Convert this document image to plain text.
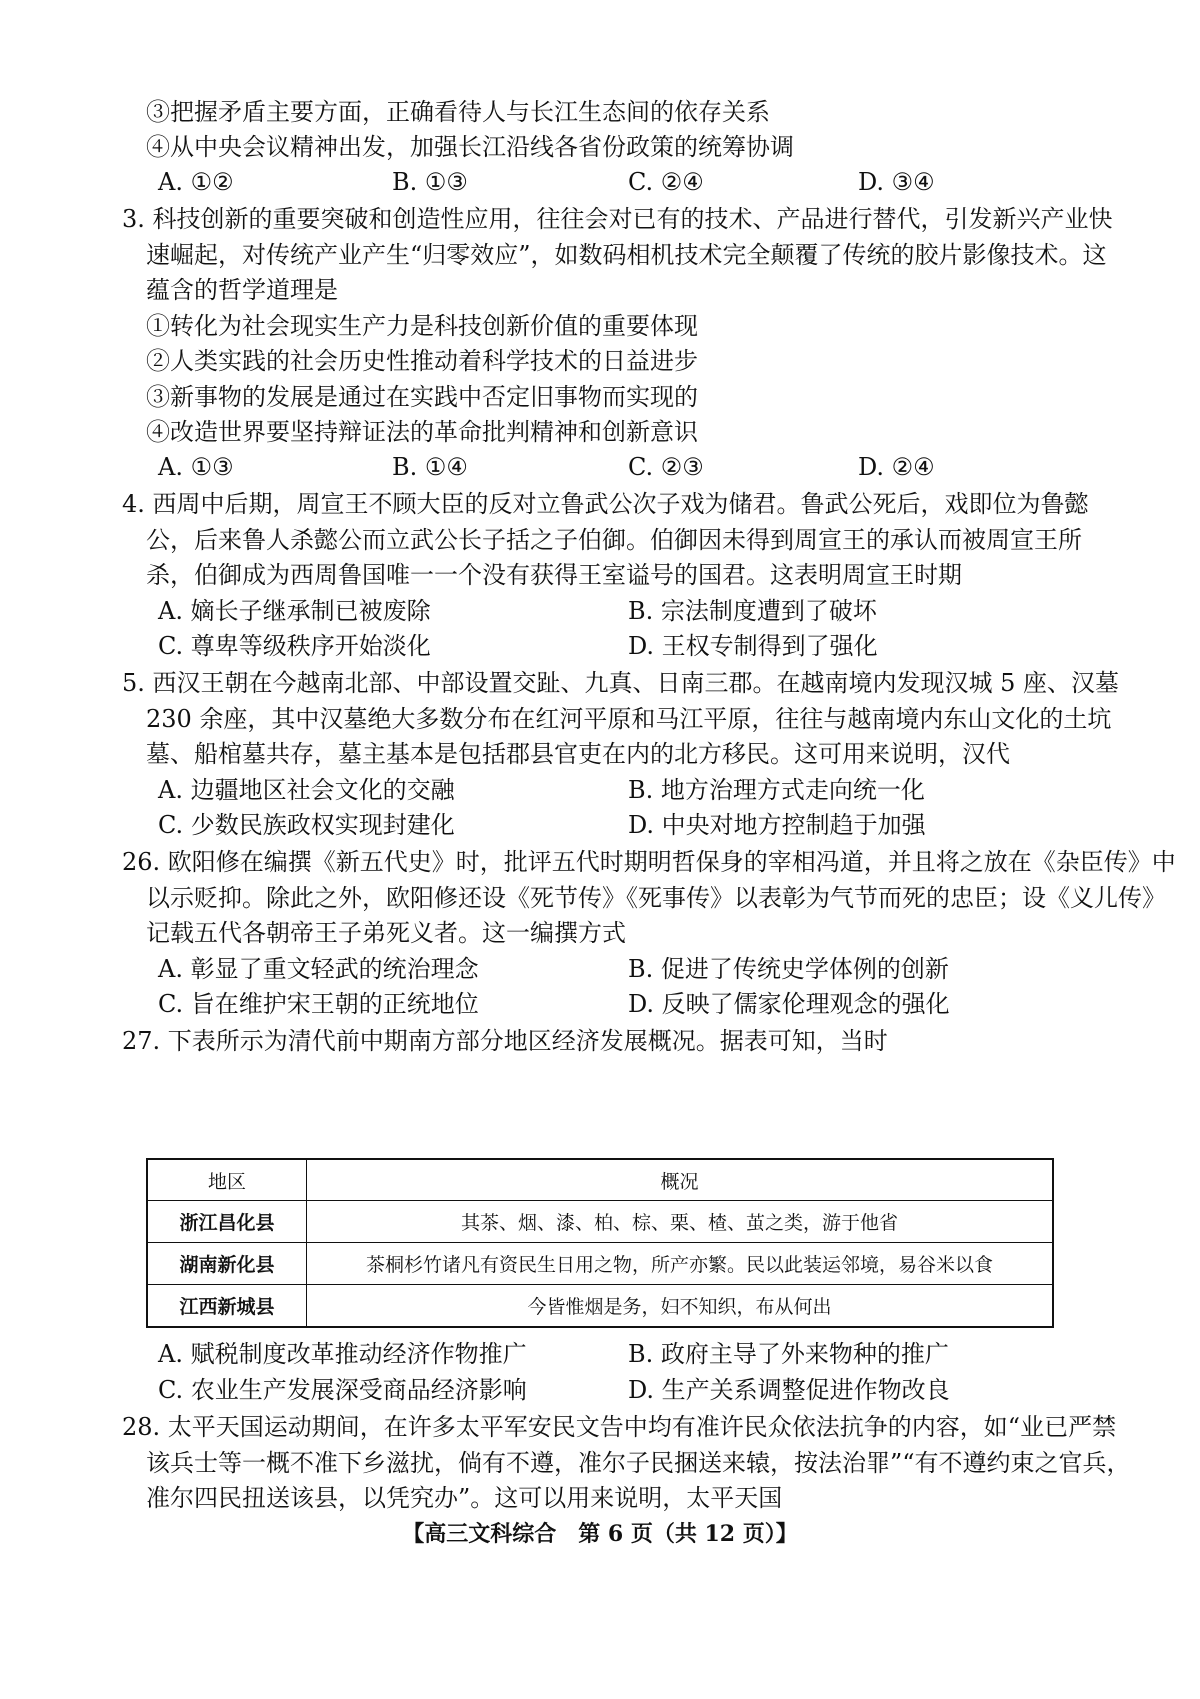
③把握矛盾主要方面，正确看待人与长江生态间的依存关系
④从中央会议精神出发，加强长江沿线各省份政策的统筹协调
A. ①②	B. ①③	C. ②④	D. ③④
3. 科技创新的重要突破和创造性应用，往往会对已有的技术、产品进行替代，引发新兴产业快
速崛起，对传统产业产生“归零效应”，如数码相机技术完全颠覆了传统的胶片影像技术。这
蕴含的哲学道理是
①转化为社会现实生产力是科技创新价值的重要体现
②人类实践的社会历史性推动着科学技术的日益进步
③新事物的发展是通过在实践中否定旧事物而实现的
④改造世界要坚持辩证法的革命批判精神和创新意识
A. ①③	B. ①④	C. ②③	D. ②④
4. 西周中后期，周宣王不顾大臣的反对立鲁武公次子戏为储君。鲁武公死后，戏即位为鲁懿
公，后来鲁人杀懿公而立武公长子括之子伯御。伯御因未得到周宣王的承认而被周宣王所
杀，伯御成为西周鲁国唯一一个没有获得王室谥号的国君。这表明周宣王时期
A. 嫡长子继承制已被废除	B. 宗法制度遭到了破坏
C. 尊卑等级秩序开始淡化	D. 王权专制得到了强化
5. 西汉王朝在今越南北部、中部设置交趾、九真、日南三郡。在越南境内发现汉城 5 座、汉墓
230 余座，其中汉墓绝大多数分布在红河平原和马江平原，往往与越南境内东山文化的土坑
墓、船棺墓共存，墓主基本是包括郡县官吏在内的北方移民。这可用来说明，汉代
A. 边疆地区社会文化的交融	B. 地方治理方式走向统一化
C. 少数民族政权实现封建化	D. 中央对地方控制趋于加强
26. 欧阳修在编撰《新五代史》时，批评五代时期明哲保身的宰相冯道，并且将之放在《杂臣传》中
以示贬抑。除此之外，欧阳修还设《死节传》《死事传》以表彰为气节而死的忠臣；设《义儿传》
记载五代各朝帝王子弟死义者。这一编撰方式
A. 彰显了重文轻武的统治理念	B. 促进了传统史学体例的创新
C. 旨在维护宋王朝的正统地位	D. 反映了儒家伦理观念的强化
27. 下表所示为清代前中期南方部分地区经济发展概况。据表可知，当时
地区	概况
浙江昌化县	其茶、烟、漆、柏、棕、栗、楂、茧之类，游于他省
湖南新化县	茶桐杉竹诸凡有资民生日用之物，所产亦繁。民以此装运邻境，易谷米以食
江西新城县	今皆惟烟是务，妇不知织，布从何出
A. 赋税制度改革推动经济作物推广	B. 政府主导了外来物种的推广
C. 农业生产发展深受商品经济影响	D. 生产关系调整促进作物改良
28. 太平天国运动期间，在许多太平军安民文告中均有准许民众依法抗争的内容，如“业已严禁
该兵士等一概不准下乡滋扰，倘有不遵，准尔子民捆送来辕，按法治罪”“有不遵约束之官兵，
准尔四民扭送该县，以凭究办”。这可以用来说明，太平天国
【高三文科综合　第 6 页（共 12 页）】
